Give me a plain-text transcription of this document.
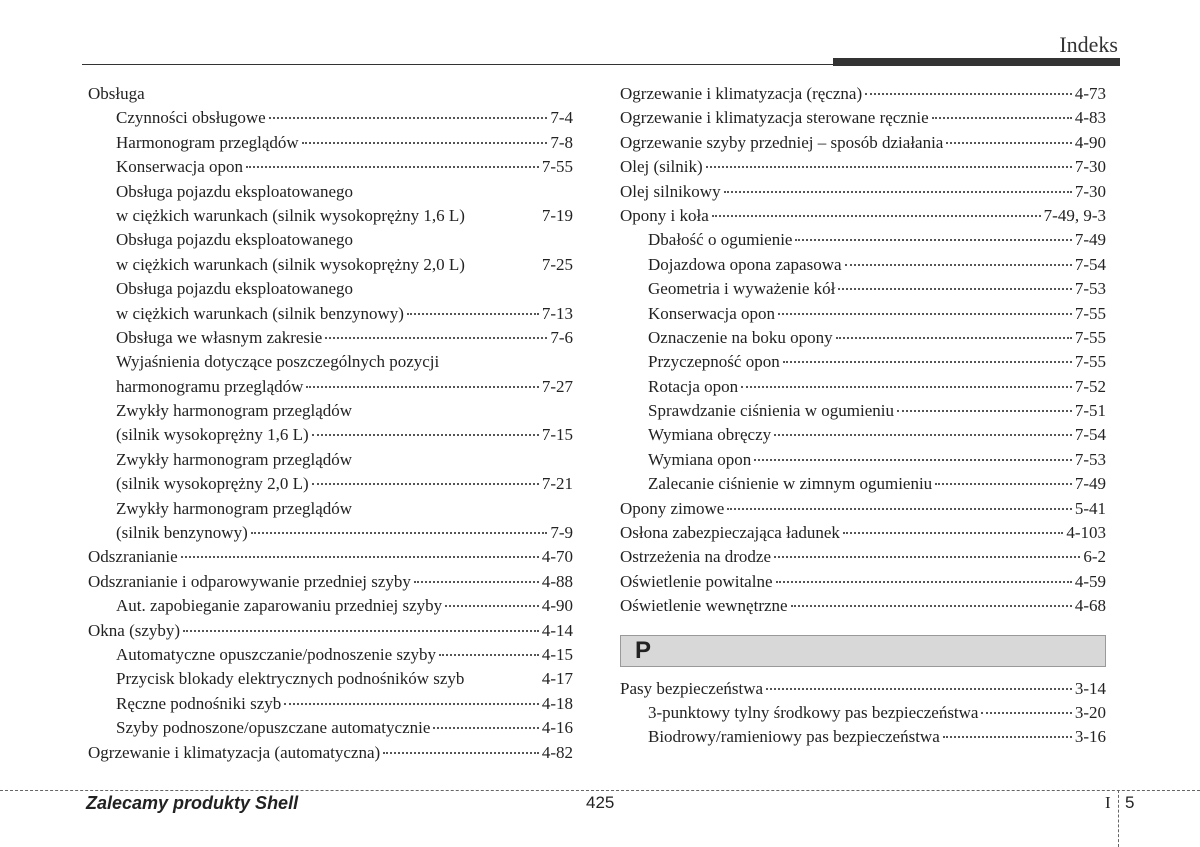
Indeks
Obsługa
Czynności obsługowe	7-4
Harmonogram przeglądów	7-8
Konserwacja opon	7-55
Obsługa pojazdu eksploatowanego
w ciężkich warunkach (silnik wysokoprężny 1,6 L)	7-19
Obsługa pojazdu eksploatowanego
w ciężkich warunkach (silnik wysokoprężny 2,0 L)	7-25
Obsługa pojazdu eksploatowanego
w ciężkich warunkach (silnik benzynowy)	7-13
Obsługa we własnym zakresie	7-6
Wyjaśnienia dotyczące poszczególnych pozycji
harmonogramu przeglądów	7-27
Zwykły harmonogram przeglądów
(silnik wysokoprężny 1,6 L)	7-15
Zwykły harmonogram przeglądów
(silnik wysokoprężny 2,0 L)	7-21
Zwykły harmonogram przeglądów
(silnik benzynowy)	7-9
Odszranianie	4-70
Odszranianie i odparowywanie przedniej szyby	4-88
Aut. zapobieganie zaparowaniu przedniej szyby	4-90
Okna (szyby)	4-14
Automatyczne opuszczanie/podnoszenie szyby	4-15
Przycisk blokady elektrycznych podnośników szyb	4-17
Ręczne podnośniki szyb	4-18
Szyby podnoszone/opuszczane automatycznie	4-16
Ogrzewanie i klimatyzacja (automatyczna)	4-82
Ogrzewanie i klimatyzacja (ręczna)	4-73
Ogrzewanie i klimatyzacja sterowane ręcznie	4-83
Ogrzewanie szyby przedniej – sposób działania	4-90
Olej (silnik)	7-30
Olej silnikowy	7-30
Opony i koła	7-49, 9-3
Dbałość o ogumienie	7-49
Dojazdowa opona zapasowa	7-54
Geometria i wyważenie kół	7-53
Konserwacja opon	7-55
Oznaczenie na boku opony	7-55
Przyczepność opon	7-55
Rotacja opon	7-52
Sprawdzanie ciśnienia w ogumieniu	7-51
Wymiana obręczy	7-54
Wymiana opon	7-53
Zalecanie ciśnienie w zimnym ogumieniu	7-49
Opony zimowe	5-41
Osłona zabezpieczająca ładunek	4-103
Ostrzeżenia na drodze	6-2
Oświetlenie powitalne	4-59
Oświetlenie wewnętrzne	4-68
P
Pasy bezpieczeństwa	3-14
3-punktowy tylny środkowy pas bezpieczeństwa	3-20
Biodrowy/ramieniowy pas bezpieczeństwa	3-16
Zalecamy produkty Shell	425	I 5
